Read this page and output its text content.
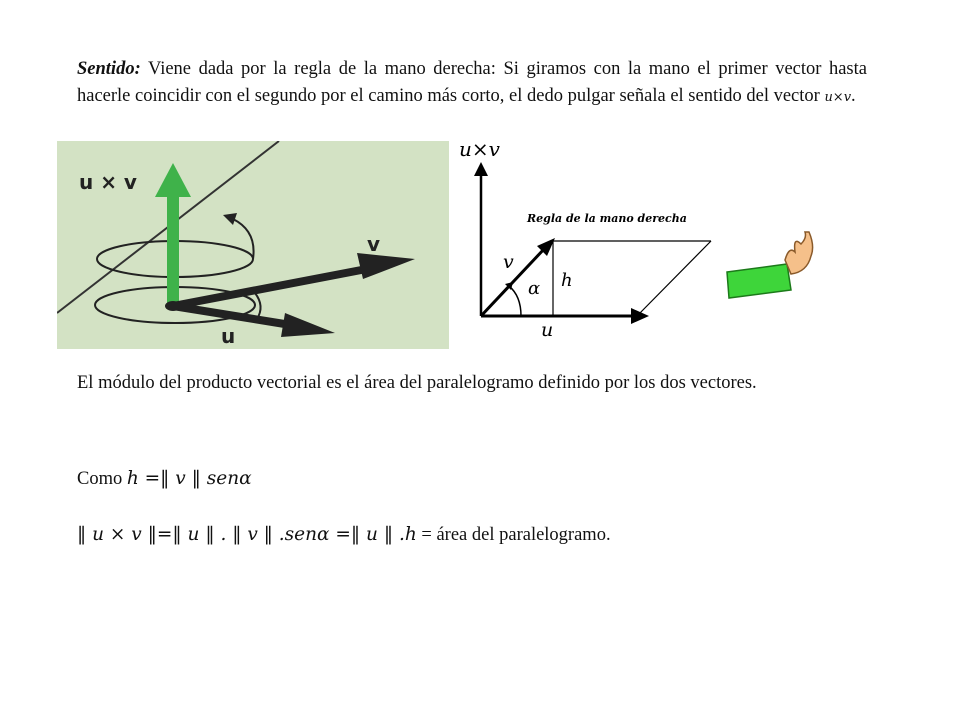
Sentido: Viene dada por la regla de la mano derecha: Si giramos con la mano el primer vector hasta hacerle coincidir con el segundo por el camino más corto, el dedo pulgar señala el sentido del vector u×v.
u × v
v
u
u×v
Regla de la mano derecha
v
h
α
u
El módulo del producto vectorial es el área del paralelogramo definido por los dos vectores.
Como h =‖ v ‖ senα
‖ u × v ‖=‖ u ‖ . ‖ v ‖ .senα =‖ u ‖ .h = área del paralelogramo.
